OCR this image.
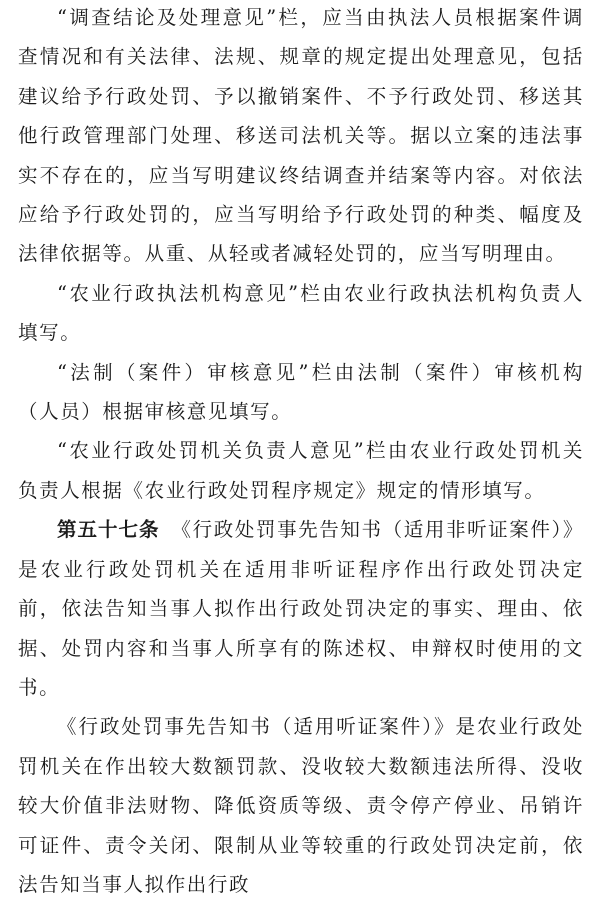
“调查结论及处理意见”栏，应当由执法人员根据案件调查情况和有关法律、法规、规章的规定提出处理意见，包括建议给予行政处罚、予以撤销案件、不予行政处罚、移送其他行政管理部门处理、移送司法机关等。据以立案的违法事实不存在的，应当写明建议终结调查并结案等内容。对依法应给予行政处罚的，应当写明给予行政处罚的种类、幅度及法律依据等。从重、从轻或者减轻处罚的，应当写明理由。

“农业行政执法机构意见”栏由农业行政执法机构负责人填写。

“法制（案件）审核意见”栏由法制（案件）审核机构（人员）根据审核意见填写。

“农业行政处罚机关负责人意见”栏由农业行政处罚机关负责人根据《农业行政处罚程序规定》规定的情形填写。

第五十七条 《行政处罚事先告知书（适用非听证案件）》是农业行政处罚机关在适用非听证程序作出行政处罚决定前，依法告知当事人拟作出行政处罚决定的事实、理由、依据、处罚内容和当事人所享有的陈述权、申辩权时使用的文书。

《行政处罚事先告知书（适用听证案件）》是农业行政处罚机关在作出较大数额罚款、没收较大数额违法所得、没收较大价值非法财物、降低资质等级、责令停产停业、吊销许可证件、责令关闭、限制从业等较重的行政处罚决定前，依法告知当事人拟作出行政
